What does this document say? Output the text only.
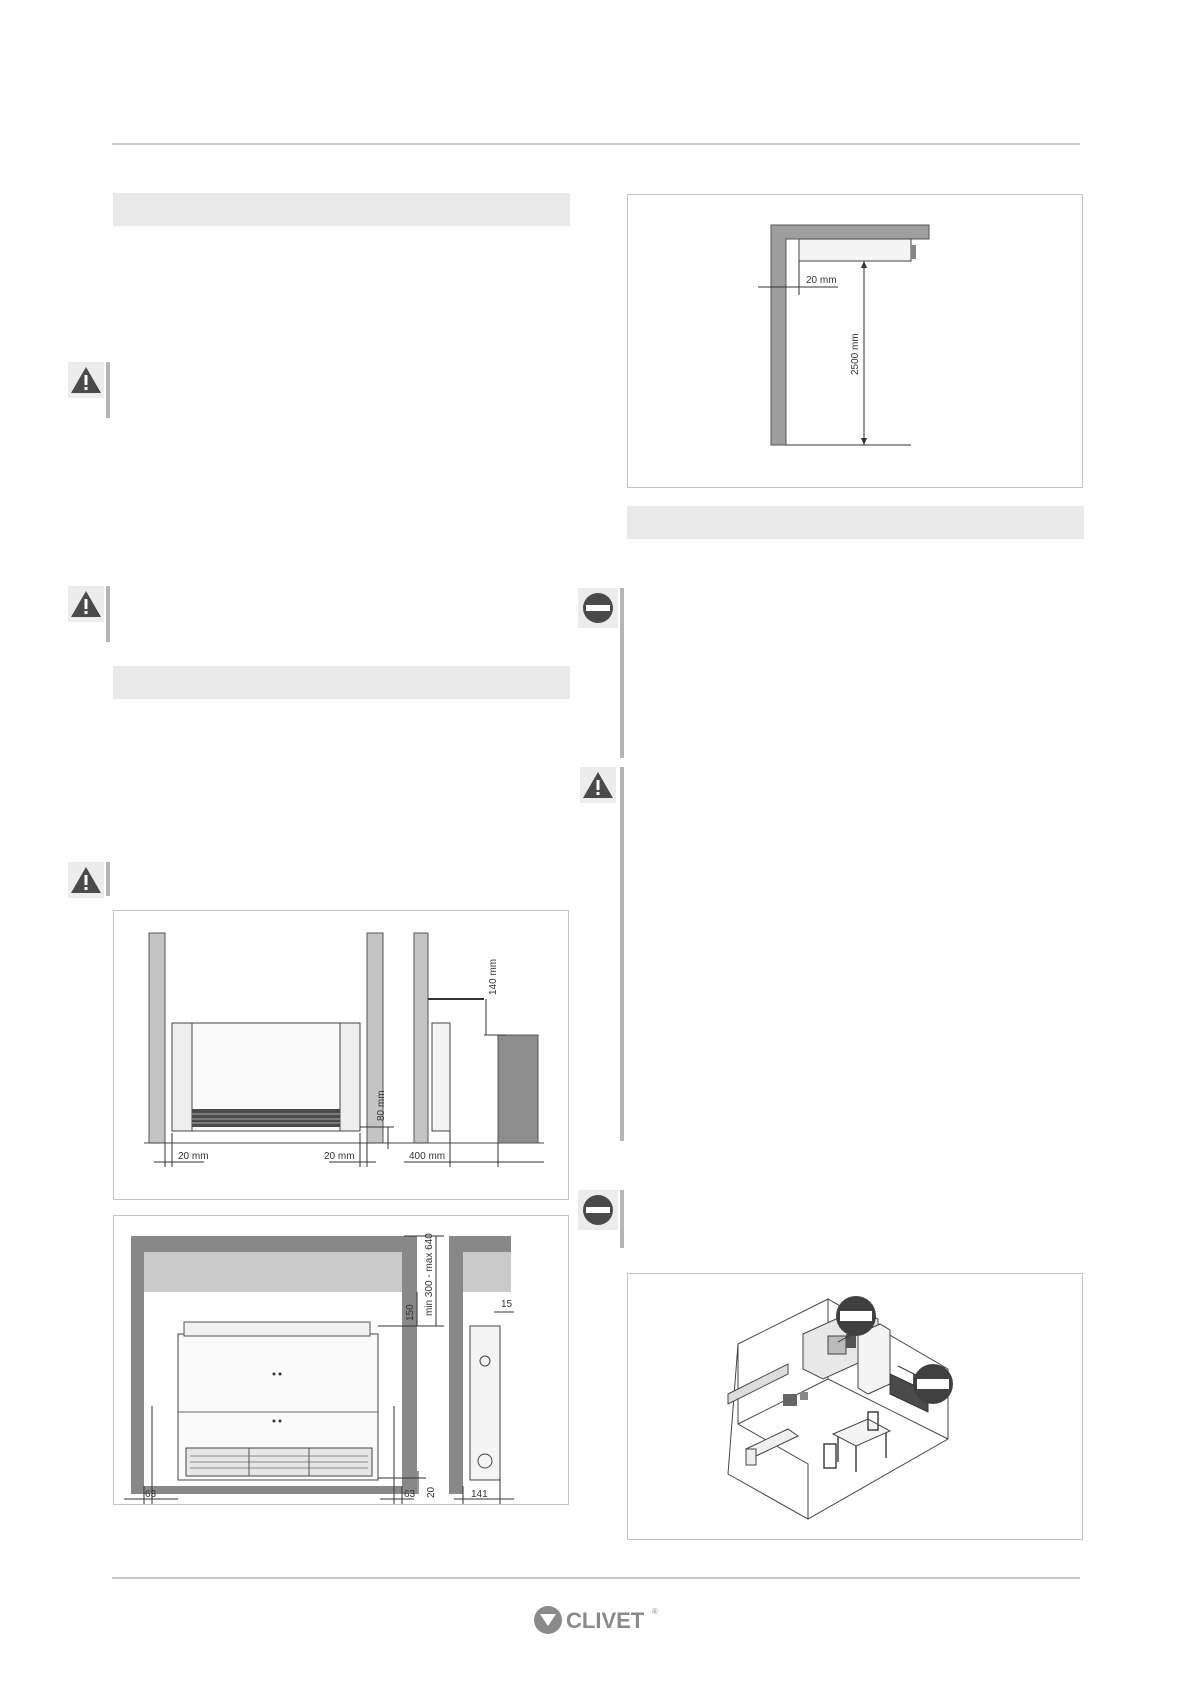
20 mm
2500 mm
20 mm	20 mm
80 mm
140 mm
400 mm
min 300 - max 640
150	15
63	63 20	141
CLIVET ®
